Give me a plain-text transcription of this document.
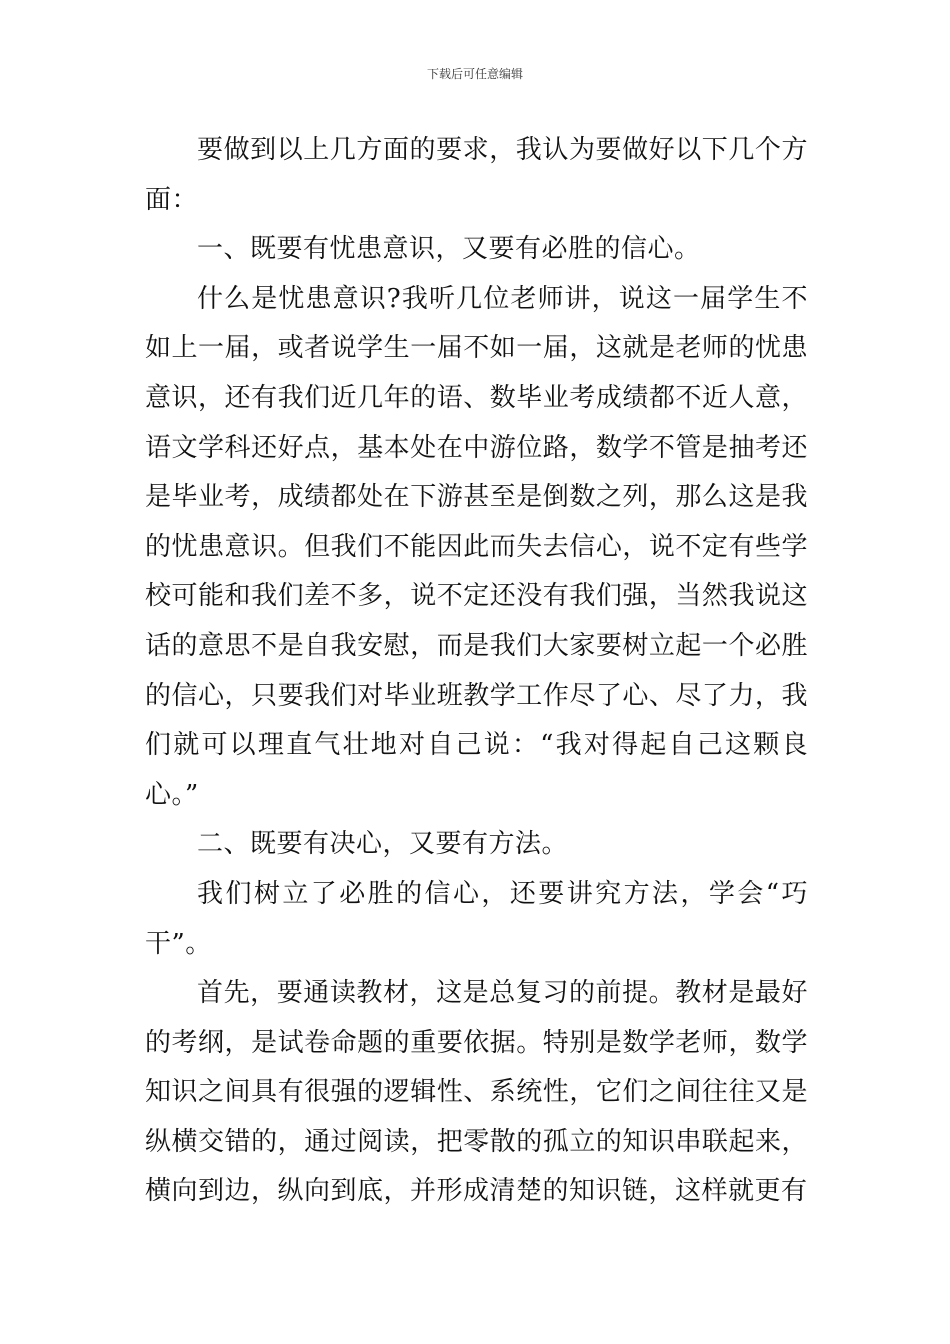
下载后可任意编辑

要做到以上几方面的要求，我认为要做好以下几个方面：

一、既要有忧患意识，又要有必胜的信心。

什么是忧患意识?我听几位老师讲，说这一届学生不如上一届，或者说学生一届不如一届，这就是老师的忧患意识，还有我们近几年的语、数毕业考成绩都不近人意，语文学科还好点，基本处在中游位路，数学不管是抽考还是毕业考，成绩都处在下游甚至是倒数之列，那么这是我的忧患意识。但我们不能因此而失去信心，说不定有些学校可能和我们差不多，说不定还没有我们强，当然我说这话的意思不是自我安慰，而是我们大家要树立起一个必胜的信心，只要我们对毕业班教学工作尽了心、尽了力，我们就可以理直气壮地对自己说：“我对得起自己这颗良心。”

二、既要有决心，又要有方法。

我们树立了必胜的信心，还要讲究方法，学会“巧干”。

首先，要通读教材，这是总复习的前提。教材是最好的考纲，是试卷命题的重要依据。特别是数学老师，数学知识之间具有很强的逻辑性、系统性，它们之间往往又是纵横交错的，通过阅读，把零散的孤立的知识串联起来，横向到边，纵向到底，并形成清楚的知识链，这样就更有
